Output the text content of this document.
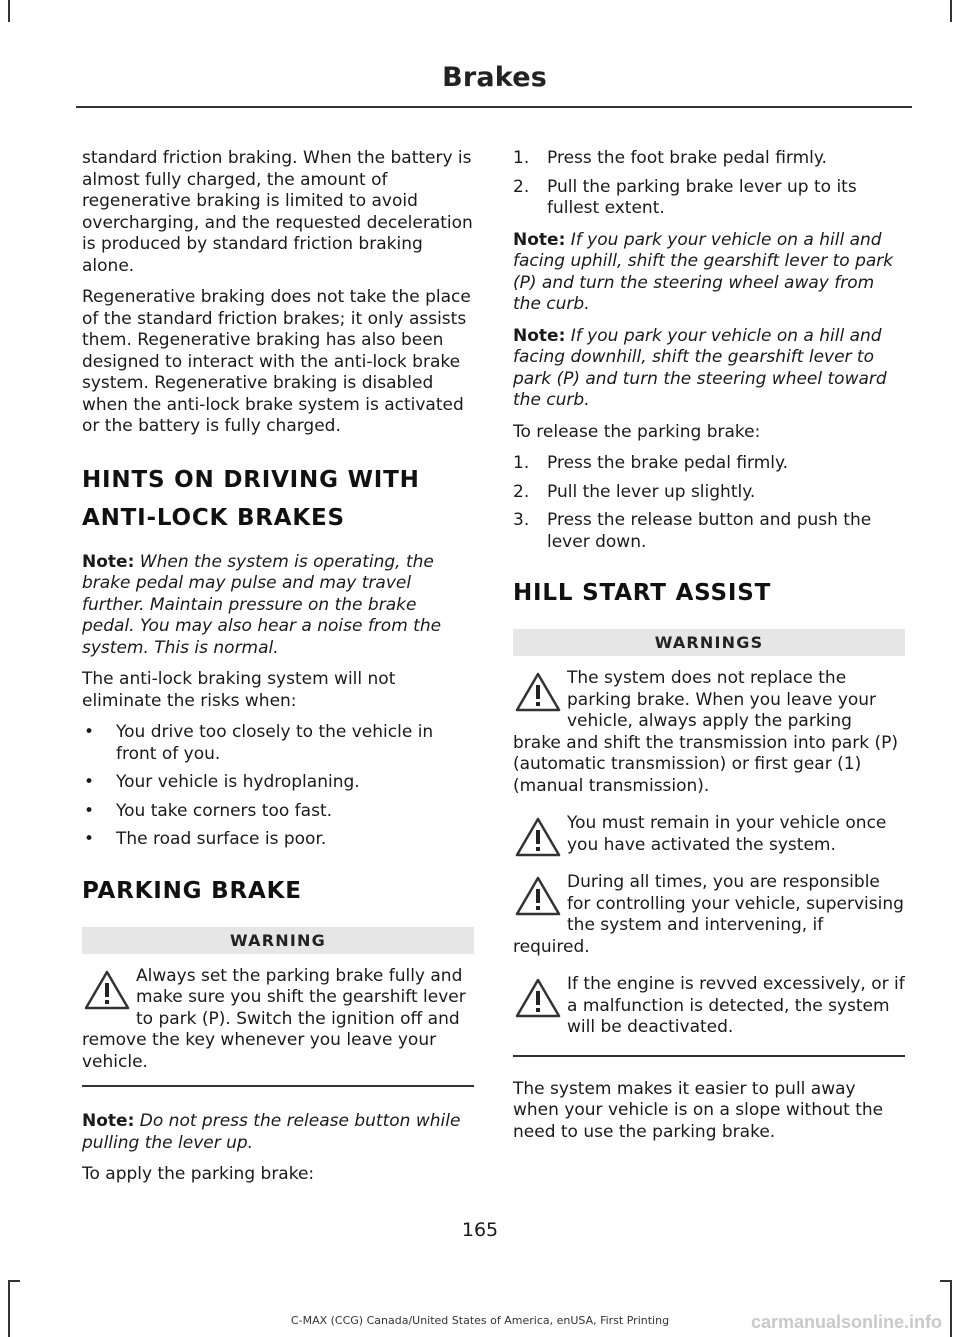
Brakes

standard friction braking. When the battery is almost fully charged, the amount of regenerative braking is limited to avoid overcharging, and the requested deceleration is produced by standard friction braking alone.

Regenerative braking does not take the place of the standard friction brakes; it only assists them. Regenerative braking has also been designed to interact with the anti-lock brake system. Regenerative braking is disabled when the anti-lock brake system is activated or the battery is fully charged.

HINTS ON DRIVING WITH
ANTI-LOCK BRAKES

Note: When the system is operating, the brake pedal may pulse and may travel further. Maintain pressure on the brake pedal. You may also hear a noise from the system. This is normal.

The anti-lock braking system will not eliminate the risks when:

• You drive too closely to the vehicle in front of you.
• Your vehicle is hydroplaning.
• You take corners too fast.
• The road surface is poor.
PARKING BRAKE
WARNING
Always set the parking brake fully and make sure you shift the gearshift lever to park (P). Switch the ignition off and remove the key whenever you leave your vehicle.

Note: Do not press the release button while pulling the lever up.

To apply the parking brake:

1. Press the foot brake pedal firmly.
2. Pull the parking brake lever up to its fullest extent.

Note: If you park your vehicle on a hill and facing uphill, shift the gearshift lever to park (P) and turn the steering wheel away from the curb.

Note: If you park your vehicle on a hill and facing downhill, shift the gearshift lever to park (P) and turn the steering wheel toward the curb.

To release the parking brake:

1. Press the brake pedal firmly.
2. Pull the lever up slightly.
3. Press the release button and push the lever down.
HILL START ASSIST
WARNINGS
The system does not replace the parking brake. When you leave your vehicle, always apply the parking brake and shift the transmission into park (P) (automatic transmission) or first gear (1) (manual transmission).
You must remain in your vehicle once you have activated the system.
During all times, you are responsible for controlling your vehicle, supervising the system and intervening, if required.
If the engine is revved excessively, or if a malfunction is detected, the system will be deactivated.

The system makes it easier to pull away when your vehicle is on a slope without the need to use the parking brake.

165
C-MAX (CCG) Canada/United States of America, enUSA, First Printing	carmanualsonline.info
